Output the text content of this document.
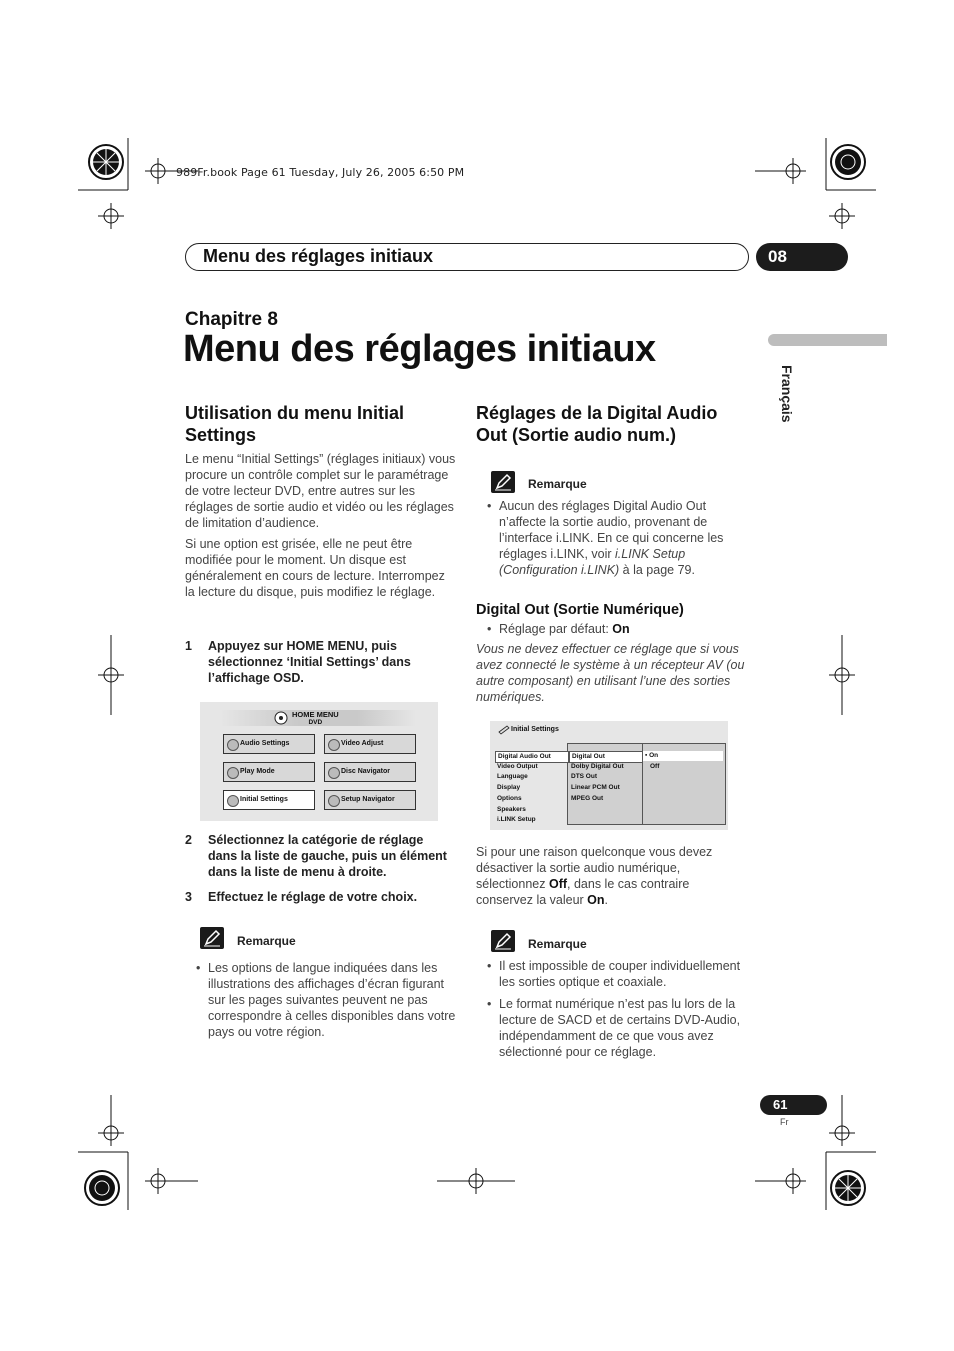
989Fr.book Page 61 Tuesday, July 26, 2005 6:50 PM
Menu des réglages initiaux	08
Français
Chapitre 8
Menu des réglages initiaux
Utilisation du menu Initial Settings
Le menu “Initial Settings” (réglages initiaux) vous procure un contrôle complet sur le paramétrage de votre lecteur DVD, entre autres sur les réglages de sortie audio et vidéo ou les réglages de limitation d’audience.
Si une option est grisée, elle ne peut être modifiée pour le moment. Un disque est généralement en cours de lecture. Interrompez la lecture du disque, puis modifiez le réglage.
1	Appuyez sur HOME MENU, puis sélectionnez ‘Initial Settings’ dans l’affichage OSD.
HOME MENU
DVD
Audio Settings	Video Adjust
Play Mode	Disc Navigator
Initial Settings	Setup Navigator
2	Sélectionnez la catégorie de réglage dans la liste de gauche, puis un élément dans la liste de menu à droite.
3	Effectuez le réglage de votre choix.
Remarque
• Les options de langue indiquées dans les illustrations des affichages d’écran figurant sur les pages suivantes peuvent ne pas correspondre à celles disponibles dans votre pays ou votre région.
Réglages de la Digital Audio Out (Sortie audio num.)
Remarque
• Aucun des réglages Digital Audio Out n’affecte la sortie audio, provenant de l’interface i.LINK. En ce qui concerne les réglages i.LINK, voir i.LINK Setup (Configuration i.LINK) à la page 79.
Digital Out (Sortie Numérique)
• Réglage par défaut: On
Vous ne devez effectuer ce réglage que si vous avez connecté le système à un récepteur AV (ou autre composant) en utilisant l’une des sorties numériques.
Initial Settings
Digital Audio Out
Video Output
Language
Display
Options
Speakers
i.LINK Setup
Digital Out
Dolby Digital Out
DTS Out
Linear PCM Out
MPEG Out
▪ On
Off
Si pour une raison quelconque vous devez désactiver la sortie audio numérique, sélectionnez Off, dans le cas contraire conservez la valeur On.
Remarque
• Il est impossible de couper individuellement les sorties optique et coaxiale.
• Le format numérique n’est pas lu lors de la lecture de SACD et de certains DVD-Audio, indépendamment de ce que vous avez sélectionné pour ce réglage.
61
Fr
